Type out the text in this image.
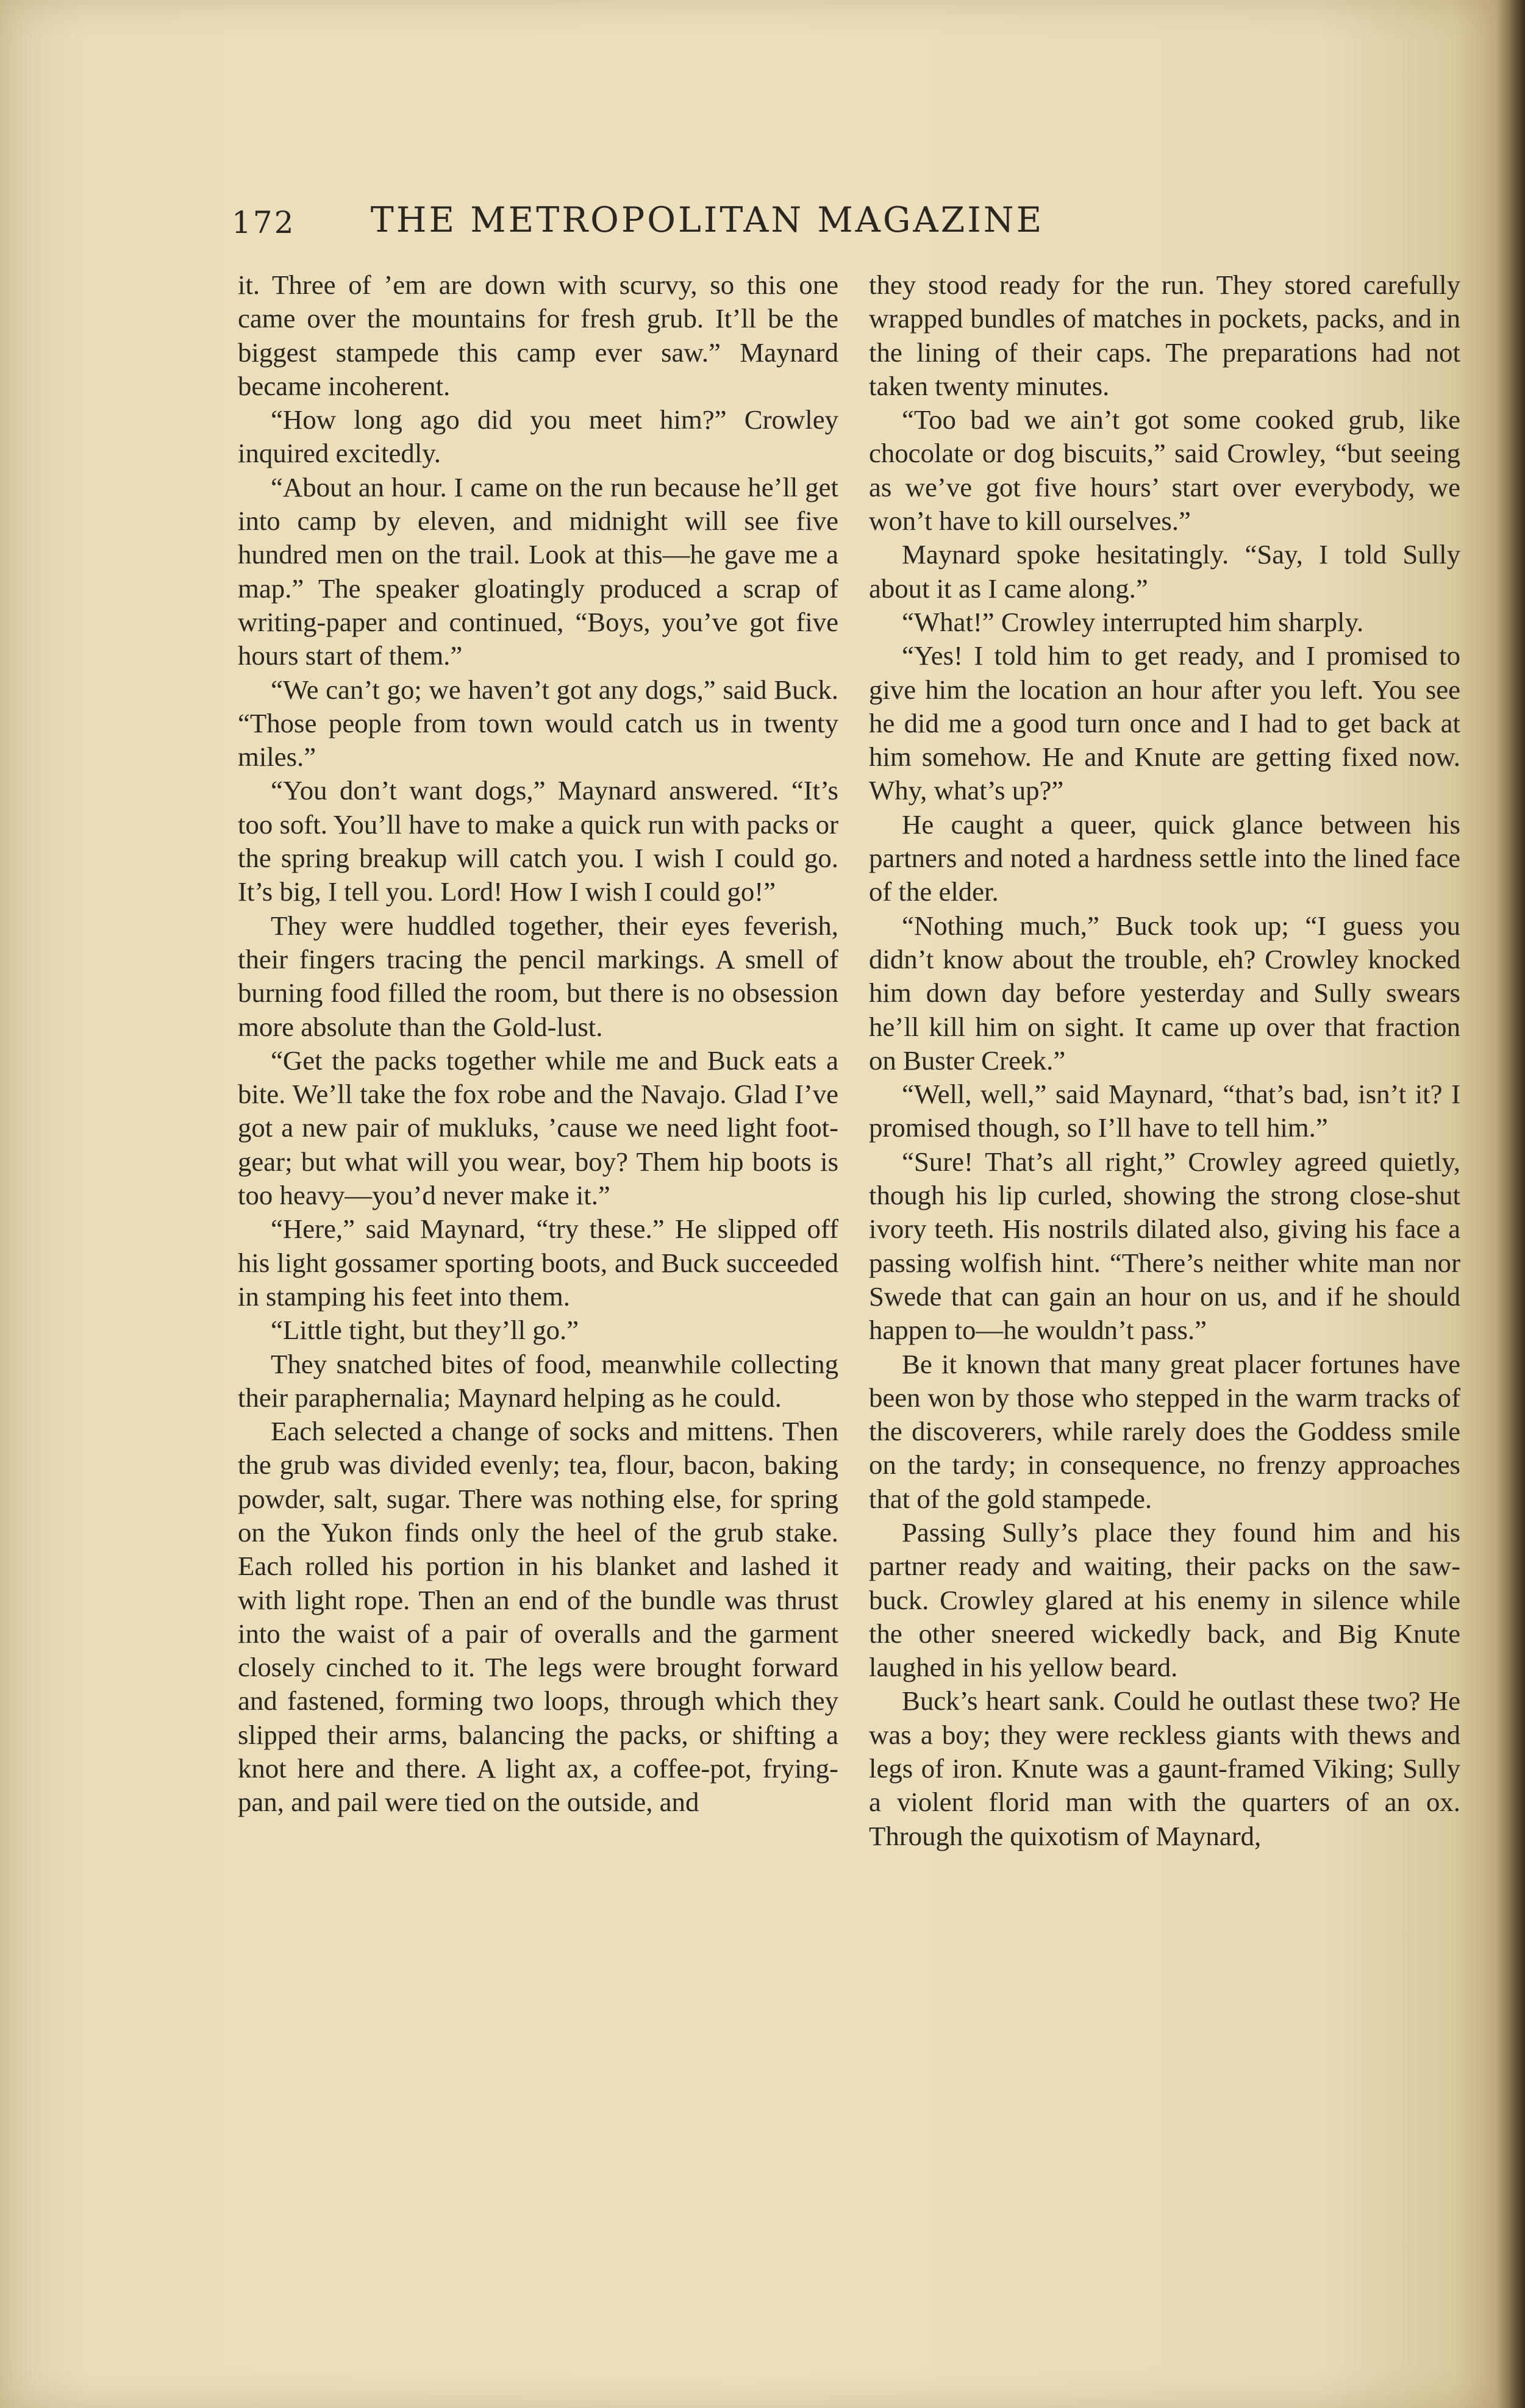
172	THE METROPOLITAN MAGAZINE

it. Three of ’em are down with scurvy, so this one came over the mountains for fresh grub. It’ll be the biggest stampede this camp ever saw.” Maynard became incoherent.

“How long ago did you meet him?” Crowley inquired excitedly.

“About an hour. I came on the run because he’ll get into camp by eleven, and midnight will see five hundred men on the trail. Look at this—he gave me a map.” The speaker gloatingly produced a scrap of writing-paper and continued, “Boys, you’ve got five hours start of them.”

“We can’t go; we haven’t got any dogs,” said Buck. “Those people from town would catch us in twenty miles.”

“You don’t want dogs,” Maynard answered. “It’s too soft. You’ll have to make a quick run with packs or the spring breakup will catch you. I wish I could go. It’s big, I tell you. Lord! How I wish I could go!”

They were huddled together, their eyes feverish, their fingers tracing the pencil markings. A smell of burning food filled the room, but there is no obsession more absolute than the Gold-lust.

“Get the packs together while me and Buck eats a bite. We’ll take the fox robe and the Navajo. Glad I’ve got a new pair of mukluks, ’cause we need light foot-gear; but what will you wear, boy? Them hip boots is too heavy—you’d never make it.”

“Here,” said Maynard, “try these.” He slipped off his light gossamer sporting boots, and Buck succeeded in stamping his feet into them.

“Little tight, but they’ll go.”

They snatched bites of food, meanwhile collecting their paraphernalia; Maynard helping as he could.

Each selected a change of socks and mittens. Then the grub was divided evenly; tea, flour, bacon, baking powder, salt, sugar. There was nothing else, for spring on the Yukon finds only the heel of the grub stake. Each rolled his portion in his blanket and lashed it with light rope. Then an end of the bundle was thrust into the waist of a pair of overalls and the garment closely cinched to it. The legs were brought forward and fastened, forming two loops, through which they slipped their arms, balancing the packs, or shifting a knot here and there. A light ax, a coffee-pot, frying-pan, and pail were tied on the outside, and

they stood ready for the run. They stored carefully wrapped bundles of matches in pockets, packs, and in the lining of their caps. The preparations had not taken twenty minutes.

“Too bad we ain’t got some cooked grub, like chocolate or dog biscuits,” said Crowley, “but seeing as we’ve got five hours’ start over everybody, we won’t have to kill ourselves.”

Maynard spoke hesitatingly. “Say, I told Sully about it as I came along.”

“What!” Crowley interrupted him sharply.

“Yes! I told him to get ready, and I promised to give him the location an hour after you left. You see he did me a good turn once and I had to get back at him somehow. He and Knute are getting fixed now. Why, what’s up?”

He caught a queer, quick glance between his partners and noted a hardness settle into the lined face of the elder.

“Nothing much,” Buck took up; “I guess you didn’t know about the trouble, eh? Crowley knocked him down day before yesterday and Sully swears he’ll kill him on sight. It came up over that fraction on Buster Creek.”

“Well, well,” said Maynard, “that’s bad, isn’t it? I promised though, so I’ll have to tell him.”

“Sure! That’s all right,” Crowley agreed quietly, though his lip curled, showing the strong close-shut ivory teeth. His nostrils dilated also, giving his face a passing wolfish hint. “There’s neither white man nor Swede that can gain an hour on us, and if he should happen to—he wouldn’t pass.”

Be it known that many great placer fortunes have been won by those who stepped in the warm tracks of the discoverers, while rarely does the Goddess smile on the tardy; in consequence, no frenzy approaches that of the gold stampede.

Passing Sully’s place they found him and his partner ready and waiting, their packs on the saw-buck. Crowley glared at his enemy in silence while the other sneered wickedly back, and Big Knute laughed in his yellow beard.

Buck’s heart sank. Could he outlast these two? He was a boy; they were reckless giants with thews and legs of iron. Knute was a gaunt-framed Viking; Sully a violent florid man with the quarters of an ox. Through the quixotism of Maynard,
